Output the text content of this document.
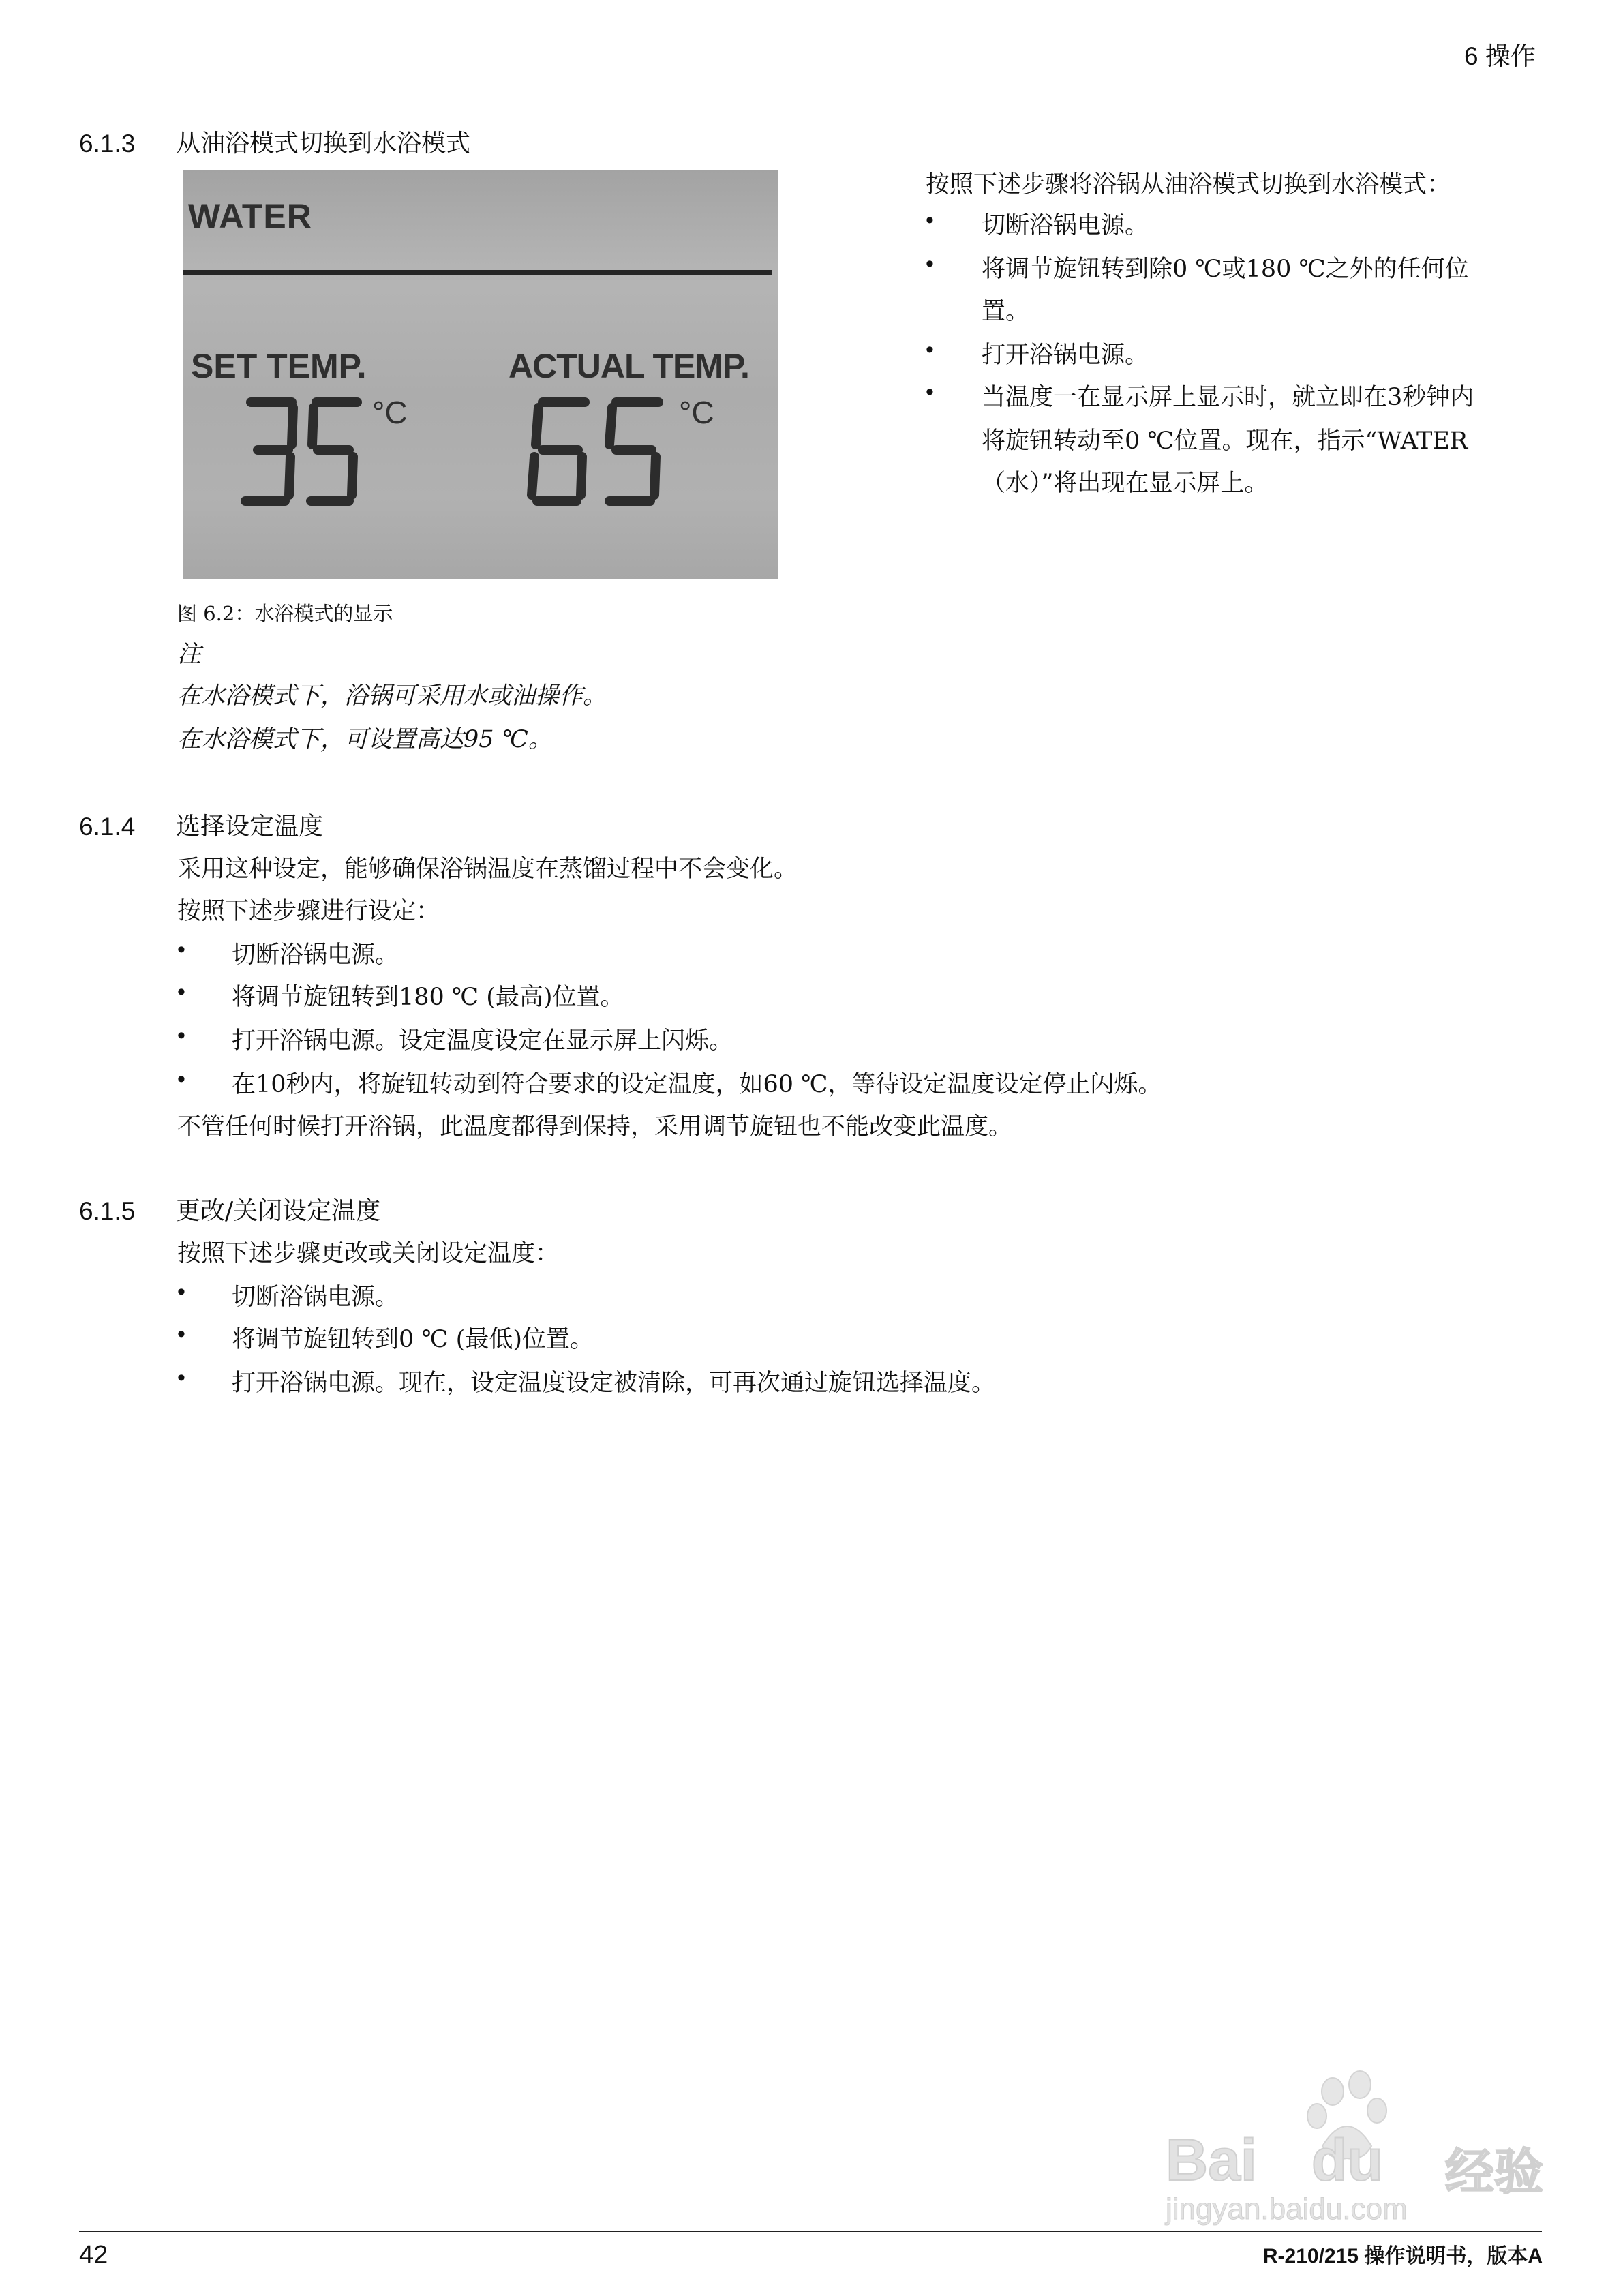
6 操作
6.1.3 从油浴模式切换到水浴模式
WATER
SET TEMP.	ACTUAL TEMP.
°C	°C
图 6.2：水浴模式的显示
注
在水浴模式下，浴锅可采用水或油操作。
在水浴模式下，可设置高达95 ℃。
按照下述步骤将浴锅从油浴模式切换到水浴模式：
• 切断浴锅电源。
• 将调节旋钮转到除0 ℃或180 ℃之外的任何位
置。
• 打开浴锅电源。
• 当温度一在显示屏上显示时，就立即在3秒钟内
将旋钮转动至0 ℃位置。现在，指示“WATER
（水）”将出现在显示屏上。
6.1.4 选择设定温度
采用这种设定，能够确保浴锅温度在蒸馏过程中不会变化。
按照下述步骤进行设定：
• 切断浴锅电源。
• 将调节旋钮转到180 ℃ (最高)位置。
• 打开浴锅电源。设定温度设定在显示屏上闪烁。
• 在10秒内，将旋钮转动到符合要求的设定温度，如60 ℃，等待设定温度设定停止闪烁。
不管任何时候打开浴锅，此温度都得到保持，采用调节旋钮也不能改变此温度。
6.1.5 更改/关闭设定温度
按照下述步骤更改或关闭设定温度：
• 切断浴锅电源。
• 将调节旋钮转到0 ℃ (最低)位置。
• 打开浴锅电源。现在，设定温度设定被清除，可再次通过旋钮选择温度。
Bai du 经验
jingyan.baidu.com
42	R-210/215 操作说明书，版本A
